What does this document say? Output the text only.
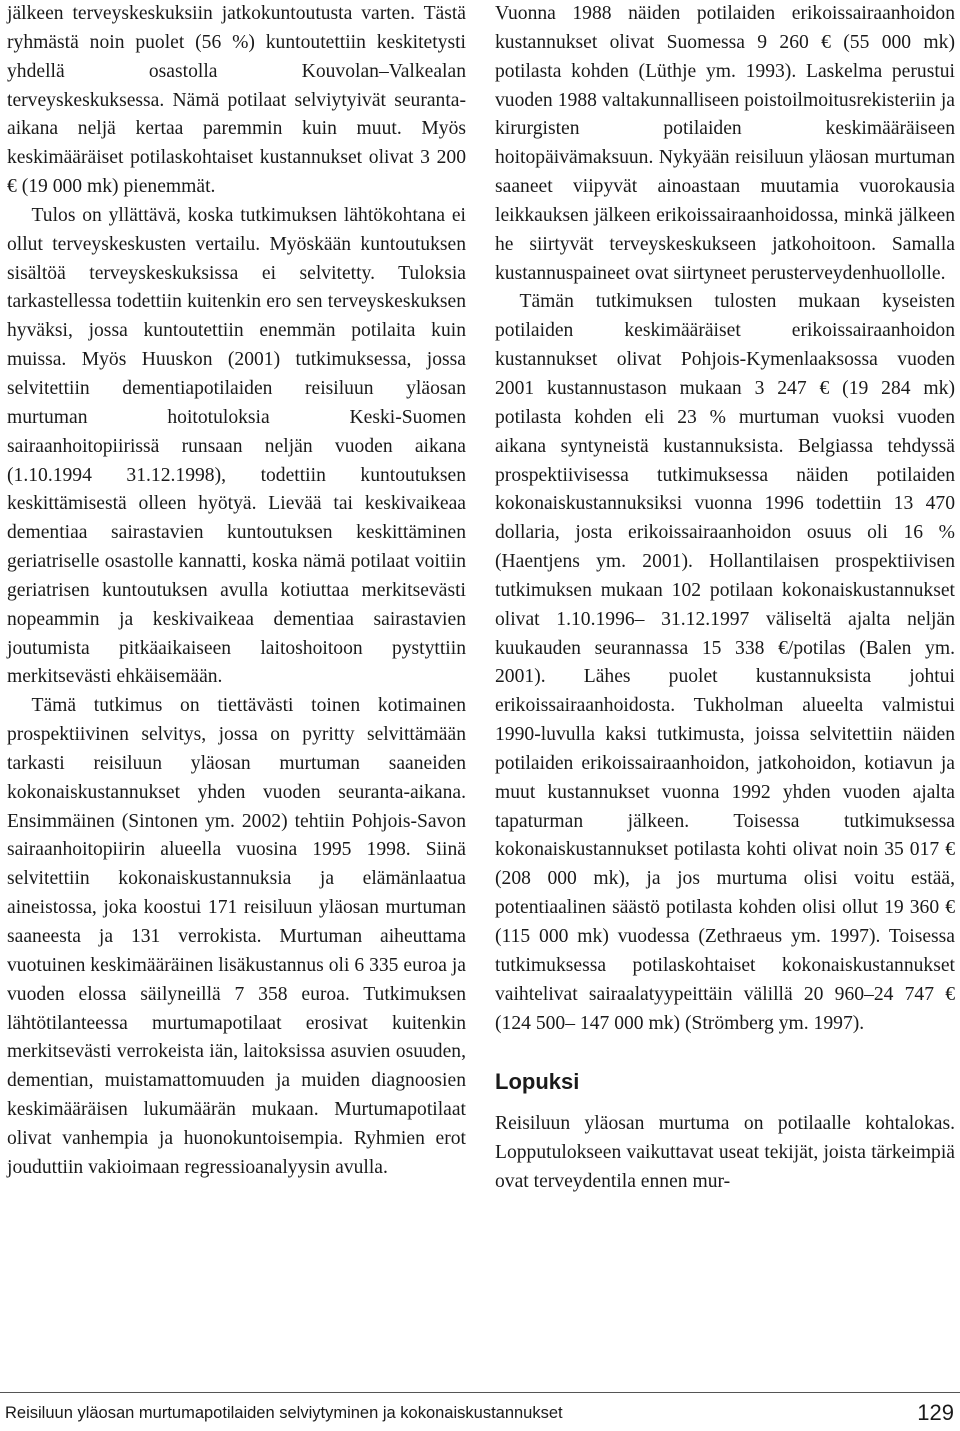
jälkeen terveyskeskuksiin jatkokuntoutusta varten. Tästä ryhmästä noin puolet (56 %) kuntoutettiin keskitetysti yhdellä osastolla Kouvolan–Valkealan terveyskeskuksessa. Nämä potilaat selviytyivät seuranta-aikana neljä kertaa paremmin kuin muut. Myös keskimääräiset potilaskohtaiset kustannukset olivat 3 200 € (19 000 mk) pienemmät.

Tulos on yllättävä, koska tutkimuksen lähtökohtana ei ollut terveyskeskusten vertailu. Myöskään kuntoutuksen sisältöä terveyskeskuksissa ei selvitetty. Tuloksia tarkastellessa todettiin kuitenkin ero sen terveyskeskuksen hyväksi, jossa kuntoutettiin enemmän potilaita kuin muissa. Myös Huuskon (2001) tutkimuksessa, jossa selvitettiin dementiapotilaiden reisiluun yläosan murtuman hoitotuloksia Keski-Suomen sairaanhoitopiirissä runsaan neljän vuoden aikana (1.10.1994 31.12.1998), todettiin kuntoutuksen keskittämisestä olleen hyötyä. Lievää tai keskivaikeaa dementiaa sairastavien kuntoutuksen keskittäminen geriatriselle osastolle kannatti, koska nämä potilaat voitiin geriatrisen kuntoutuksen avulla kotiuttaa merkitsevästi nopeammin ja keskivaikeaa dementiaa sairastavien joutumista pitkäaikaiseen laitoshoitoon pystyttiin merkitsevästi ehkäisemään.

Tämä tutkimus on tiettävästi toinen kotimainen prospektiivinen selvitys, jossa on pyritty selvittämään tarkasti reisiluun yläosan murtuman saaneiden kokonaiskustannukset yhden vuoden seuranta-aikana. Ensimmäinen (Sintonen ym. 2002) tehtiin Pohjois-Savon sairaanhoitopiirin alueella vuosina 1995 1998. Siinä selvitettiin kokonaiskustannuksia ja elämänlaatua aineistossa, joka koostui 171 reisiluun yläosan murtuman saaneesta ja 131 verrokista. Murtuman aiheuttama vuotuinen keskimääräinen lisäkustannus oli 6 335 euroa ja vuoden elossa säilyneillä 7 358 euroa. Tutkimuksen lähtötilanteessa murtumapotilaat erosivat kuitenkin merkitsevästi verrokeista iän, laitoksissa asuvien osuuden, dementian, muistamattomuuden ja muiden diagnoosien keskimääräisen lukumäärän mukaan. Murtumapotilaat olivat vanhempia ja huonokuntoisempia. Ryhmien erot jouduttiin vakioimaan regressioanalyysin avulla.

Vuonna 1988 näiden potilaiden erikoissairaanhoidon kustannukset olivat Suomessa 9 260 € (55 000 mk) potilasta kohden (Lüthje ym. 1993). Laskelma perustui vuoden 1988 valtakunnalliseen poistoilmoitusrekisteriin ja kirurgisten potilaiden keskimääräiseen hoitopäivämaksuun. Nykyään reisiluun yläosan murtuman saaneet viipyvät ainoastaan muutamia vuorokausia leikkauksen jälkeen erikoissairaanhoidossa, minkä jälkeen he siirtyvät terveyskeskukseen jatkohoitoon. Samalla kustannuspaineet ovat siirtyneet perusterveydenhuollolle.

Tämän tutkimuksen tulosten mukaan kyseisten potilaiden keskimääräiset erikoissairaanhoidon kustannukset olivat Pohjois-Kymenlaaksossa vuoden 2001 kustannustason mukaan 3 247 € (19 284 mk) potilasta kohden eli 23 % murtuman vuoksi vuoden aikana syntyneistä kustannuksista. Belgiassa tehdyssä prospektiivisessa tutkimuksessa näiden potilaiden kokonaiskustannuksiksi vuonna 1996 todettiin 13 470 dollaria, josta erikoissairaanhoidon osuus oli 16 % (Haentjens ym. 2001). Hollantilaisen prospektiivisen tutkimuksen mukaan 102 potilaan kokonaiskustannukset olivat 1.10.1996– 31.12.1997 väliseltä ajalta neljän kuukauden seurannassa 15 338 €/potilas (Balen ym. 2001). Lähes puolet kustannuksista johtui erikoissairaanhoidosta. Tukholman alueelta valmistui 1990-luvulla kaksi tutkimusta, joissa selvitettiin näiden potilaiden erikoissairaanhoidon, jatkohoidon, kotiavun ja muut kustannukset vuonna 1992 yhden vuoden ajalta tapaturman jälkeen. Toisessa tutkimuksessa kokonaiskustannukset potilasta kohti olivat noin 35 017 € (208 000 mk), ja jos murtuma olisi voitu estää, potentiaalinen säästö potilasta kohden olisi ollut 19 360 € (115 000 mk) vuodessa (Zethraeus ym. 1997). Toisessa tutkimuksessa potilaskohtaiset kokonaiskustannukset vaihtelivat sairaalatyypeittäin välillä 20 960–24 747 € (124 500– 147 000 mk) (Strömberg ym. 1997).

Lopuksi

Reisiluun yläosan murtuma on potilaalle kohtalokas. Lopputulokseen vaikuttavat useat tekijät, joista tärkeimpiä ovat terveydentila ennen mur-

Reisiluun yläosan murtumapotilaiden selviytyminen ja kokonaiskustannukset	129
